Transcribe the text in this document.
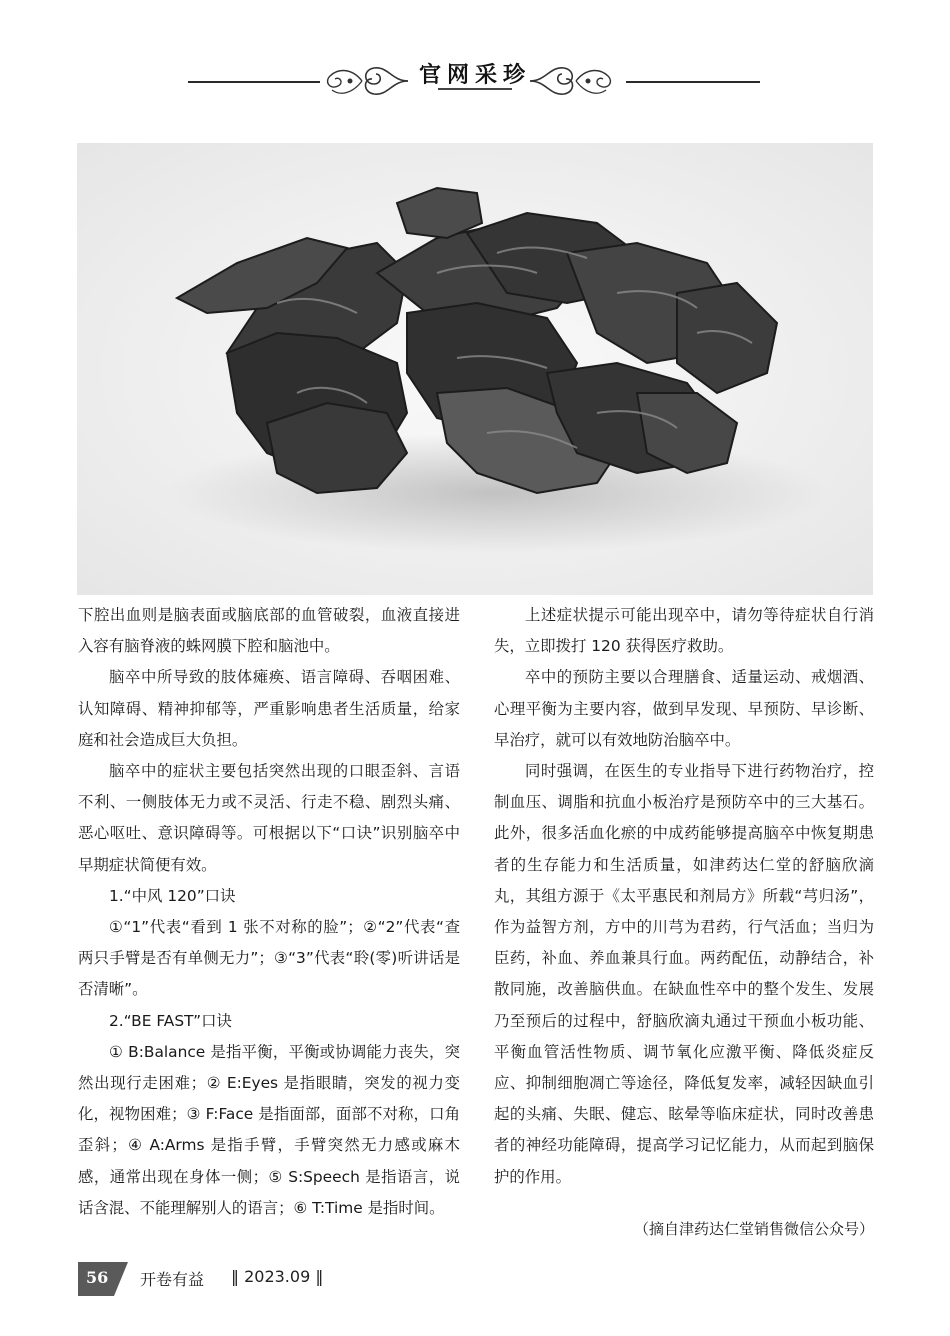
官网采珍

下腔出血则是脑表面或脑底部的血管破裂，血液直接进入容有脑脊液的蛛网膜下腔和脑池中。

脑卒中所导致的肢体瘫痪、语言障碍、吞咽困难、认知障碍、精神抑郁等，严重影响患者生活质量，给家庭和社会造成巨大负担。

脑卒中的症状主要包括突然出现的口眼歪斜、言语不利、一侧肢体无力或不灵活、行走不稳、剧烈头痛、恶心呕吐、意识障碍等。可根据以下“口诀”识别脑卒中早期症状简便有效。

1.“中风 120”口诀

①“1”代表“看到 1 张不对称的脸”；②“2”代表“查两只手臂是否有单侧无力”；③“3”代表“聆(零)听讲话是否清晰”。

2.“BE FAST”口诀

① B:Balance 是指平衡，平衡或协调能力丧失，突然出现行走困难；② E:Eyes 是指眼睛，突发的视力变化，视物困难；③ F:Face 是指面部，面部不对称，口角歪斜；④ A:Arms 是指手臂，手臂突然无力感或麻木感，通常出现在身体一侧；⑤ S:Speech 是指语言，说话含混、不能理解别人的语言；⑥ T:Time 是指时间。

上述症状提示可能出现卒中，请勿等待症状自行消失，立即拨打 120 获得医疗救助。

卒中的预防主要以合理膳食、适量运动、戒烟酒、心理平衡为主要内容，做到早发现、早预防、早诊断、早治疗，就可以有效地防治脑卒中。

同时强调，在医生的专业指导下进行药物治疗，控制血压、调脂和抗血小板治疗是预防卒中的三大基石。此外，很多活血化瘀的中成药能够提高脑卒中恢复期患者的生存能力和生活质量，如津药达仁堂的舒脑欣滴丸，其组方源于《太平惠民和剂局方》所载“芎归汤”，作为益智方剂，方中的川芎为君药，行气活血；当归为臣药，补血、养血兼具行血。两药配伍，动静结合，补散同施，改善脑供血。在缺血性卒中的整个发生、发展乃至预后的过程中，舒脑欣滴丸通过干预血小板功能、平衡血管活性物质、调节氧化应激平衡、降低炎症反应、抑制细胞凋亡等途径，降低复发率，减轻因缺血引起的头痛、失眠、健忘、眩晕等临床症状，同时改善患者的神经功能障碍，提高学习记忆能力，从而起到脑保护的作用。

（摘自津药达仁堂销售微信公众号）
56	开卷有益 ‖ 2023.09 ‖
